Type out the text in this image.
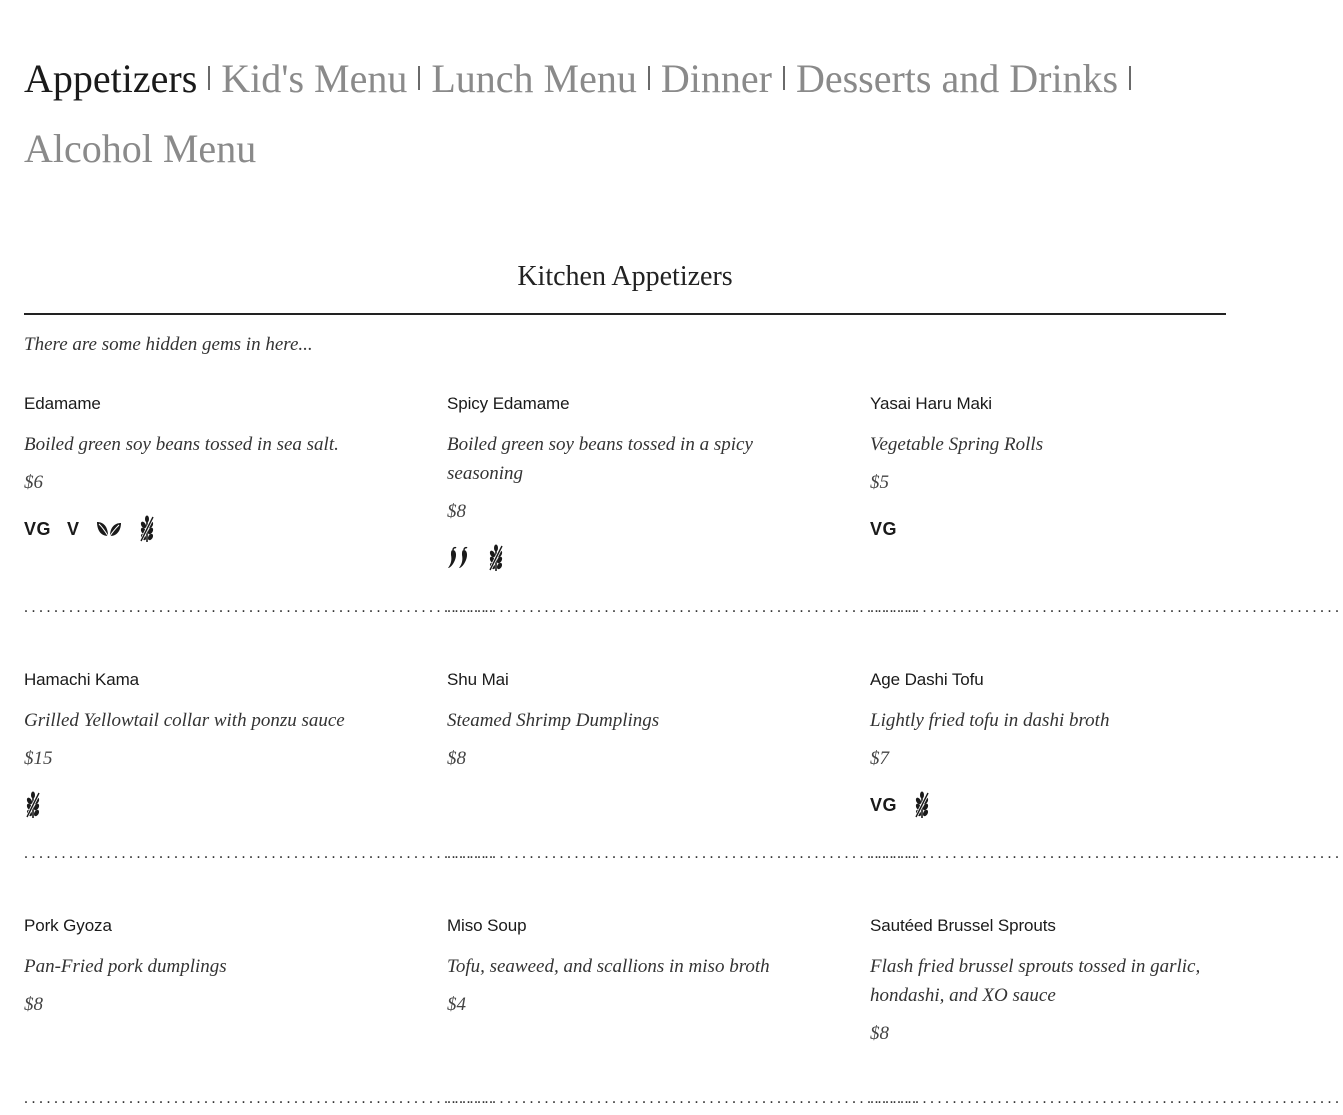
Appetizers Kid's Menu Lunch Menu Dinner Desserts and Drinks
Alcohol Menu
Kitchen Appetizers
There are some hidden gems in here...
Edamame
Boiled green soy beans tossed in sea salt.
$6
VG V
...............................................................
Spicy Edamame
Boiled green soy beans tossed in a spicy seasoning
$8
...............................................................
Yasai Haru Maki
Vegetable Spring Rolls
$5
VG
...............................................................
Hamachi Kama
Grilled Yellowtail collar with ponzu sauce
$15
...............................................................
Shu Mai
Steamed Shrimp Dumplings
$8
...............................................................
Age Dashi Tofu
Lightly fried tofu in dashi broth
$7
VG
...............................................................
Pork Gyoza
Pan-Fried pork dumplings
$8
...............................................................
Miso Soup
Tofu, seaweed, and scallions in miso broth
$4
...............................................................
Sautéed Brussel Sprouts
Flash fried brussel sprouts tossed in garlic, hondashi, and XO sauce
$8
...............................................................
